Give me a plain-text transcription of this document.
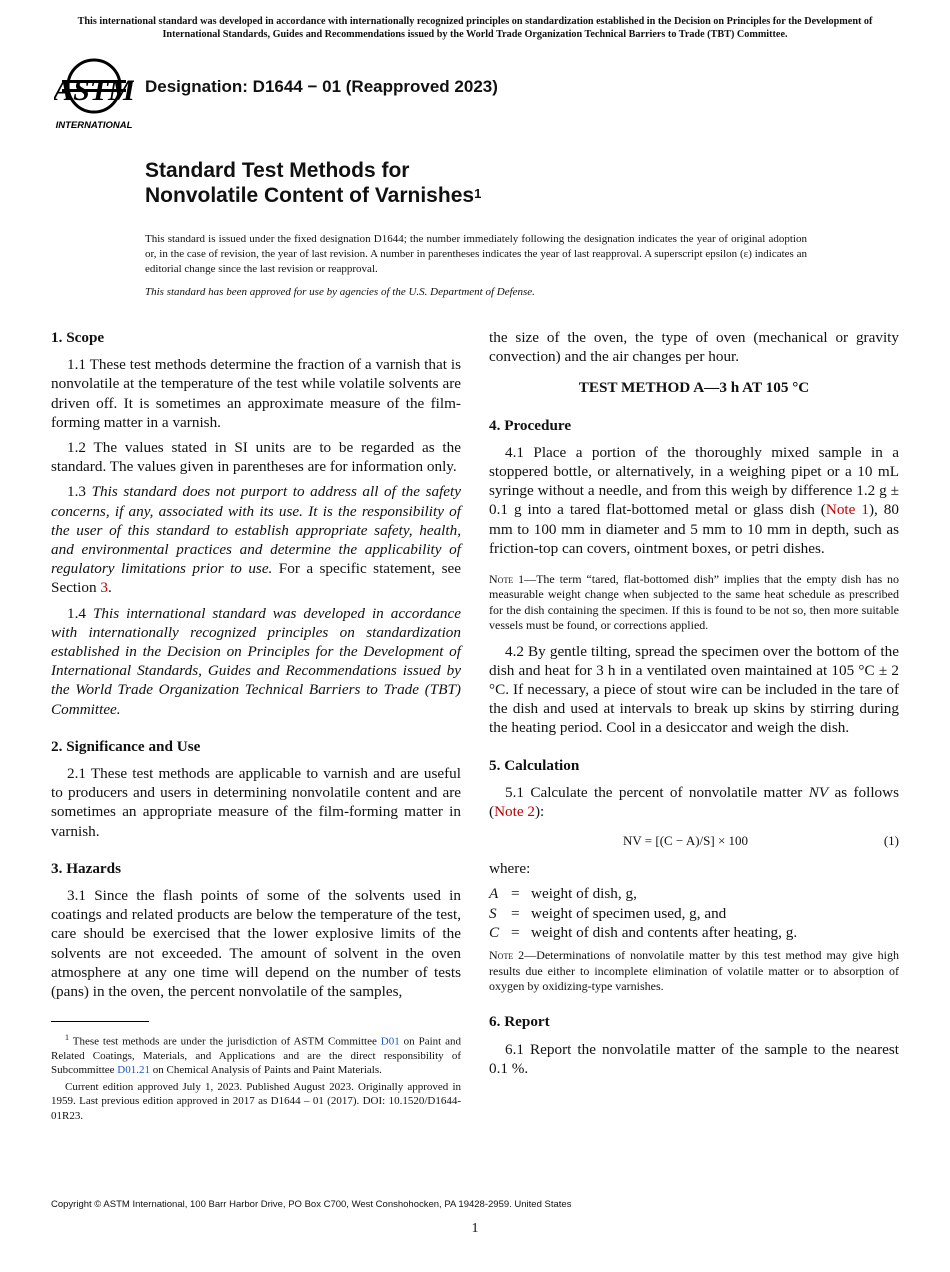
This international standard was developed in accordance with internationally recognized principles on standardization established in the Decision on Principles for the Development of International Standards, Guides and Recommendations issued by the World Trade Organization Technical Barriers to Trade (TBT) Committee.
ASTM
INTERNATIONAL
Designation: D1644 − 01 (Reapproved 2023)
Standard Test Methods for
Nonvolatile Content of Varnishes$^1$
This standard is issued under the fixed designation D1644; the number immediately following the designation indicates the year of original adoption or, in the case of revision, the year of last revision. A number in parentheses indicates the year of last reapproval. A superscript epsilon (ε) indicates an editorial change since the last revision or reapproval.
This standard has been approved for use by agencies of the U.S. Department of Defense.
1. Scope

1.1 These test methods determine the fraction of a varnish that is nonvolatile at the temperature of the test while volatile solvents are driven off. It is sometimes an approximate measure of the film-forming matter in a varnish.

1.2 The values stated in SI units are to be regarded as the standard. The values given in parentheses are for information only.

1.3 This standard does not purport to address all of the safety concerns, if any, associated with its use. It is the responsibility of the user of this standard to establish appropriate safety, health, and environmental practices and determine the applicability of regulatory limitations prior to use. For a specific statement, see Section 3.

1.4 This international standard was developed in accordance with internationally recognized principles on standardization established in the Decision on Principles for the Development of International Standards, Guides and Recommendations issued by the World Trade Organization Technical Barriers to Trade (TBT) Committee.

2. Significance and Use

2.1 These test methods are applicable to varnish and are useful to producers and users in determining nonvolatile content and are sometimes an appropriate measure of the film-forming matter in varnish.

3. Hazards

3.1 Since the flash points of some of the solvents used in coatings and related products are below the temperature of the test, care should be exercised that the lower explosive limits of the solvents are not exceeded. The amount of solvent in the oven atmosphere at any one time will depend on the number of tests (pans) in the oven, the percent nonvolatile of the samples,

$^1$ These test methods are under the jurisdiction of ASTM Committee D01 on Paint and Related Coatings, Materials, and Applications and are the direct responsibility of Subcommittee D01.21 on Chemical Analysis of Paints and Paint Materials.

Current edition approved July 1, 2023. Published August 2023. Originally approved in 1959. Last previous edition approved in 2017 as D1644 – 01 (2017). DOI: 10.1520/D1644-01R23.

the size of the oven, the type of oven (mechanical or gravity convection) and the air changes per hour.

TEST METHOD A—3 h AT 105 °C
4. Procedure

4.1 Place a portion of the thoroughly mixed sample in a stoppered bottle, or alternatively, in a weighing pipet or a 10 mL syringe without a needle, and from this weigh by difference 1.2 g ± 0.1 g into a tared flat-bottomed metal or glass dish (Note 1), 80 mm to 100 mm in diameter and 5 mm to 10 mm in depth, such as friction-top can covers, ointment boxes, or petri dishes.

Note 1—The term “tared, flat-bottomed dish” implies that the empty dish has no measurable weight change when subjected to the same heat schedule as prescribed for the dish containing the specimen. If this is found to be not so, then more suitable vessels must be found, or corrections applied.

4.2 By gentle tilting, spread the specimen over the bottom of the dish and heat for 3 h in a ventilated oven maintained at 105 °C ± 2 °C. If necessary, a piece of stout wire can be included in the tare of the dish and used at intervals to break up skins by stirring during the heating period. Cool in a desiccator and weigh the dish.

5. Calculation

5.1 Calculate the percent of nonvolatile matter NV as follows (Note 2):

NV = [(C − A)/S] × 100	(1)

where:

A = weight of dish, g,
S = weight of specimen used, g, and
C = weight of dish and contents after heating, g.
Note 2—Determinations of nonvolatile matter by this test method may give high results due either to incomplete elimination of volatile matter or to absorption of oxygen by oxidizing-type varnishes.
6. Report

6.1 Report the nonvolatile matter of the sample to the nearest 0.1 %.

Copyright © ASTM International, 100 Barr Harbor Drive, PO Box C700, West Conshohocken, PA 19428-2959. United States
1
